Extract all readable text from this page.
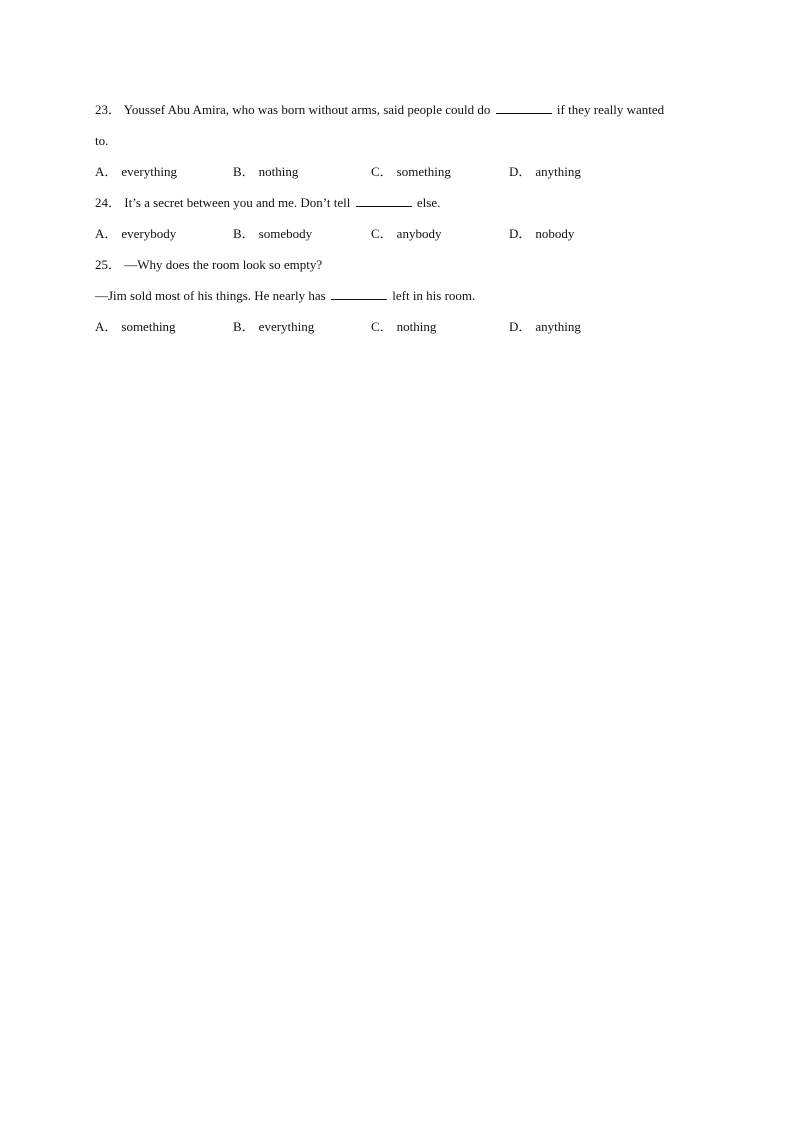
23． Youssef Abu Amira, who was born without arms, said people could do	if they really wanted
to.
A． everything	B． nothing	C． something	D． anything
24． It’s a secret between you and me. Don’t tell	else.
A． everybody	B． somebody	C． anybody	D． nobody
25． —Why does the room look so empty?
—Jim sold most of his things. He nearly has	left in his room.
A． something	B． everything	C． nothing	D． anything
